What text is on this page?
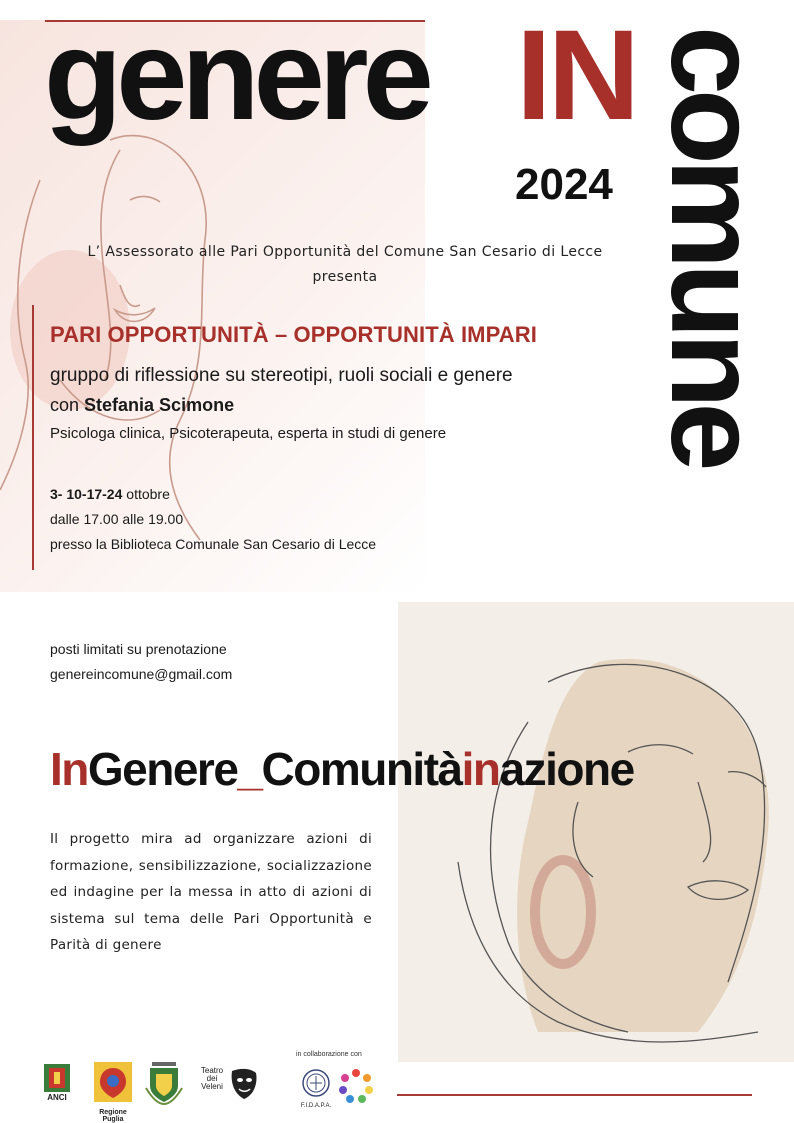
genere IN comune
2024
L’ Assessorato alle Pari Opportunità del Comune San Cesario di Lecce
presenta
PARI OPPORTUNITÀ – OPPORTUNITÀ IMPARI
gruppo di riflessione su stereotipi, ruoli sociali e genere
con Stefania Scimone
Psicologa clinica, Psicoterapeuta, esperta in studi di genere
3- 10-17-24 ottobre
dalle 17.00 alle 19.00
presso la Biblioteca Comunale San Cesario di Lecce
posti limitati su prenotazione
genereincomune@gmail.com
InGenere_Comunitàinazione
Il progetto mira ad organizzare azioni di formazione, sensibilizzazione, socializzazione ed indagine per la messa in atto di azioni di sistema sul tema delle Pari Opportunità e Parità di genere
ANCI
Regione Puglia
Teatro
dei
Veleni
in collaborazione con
F.I.D.A.P.A.
